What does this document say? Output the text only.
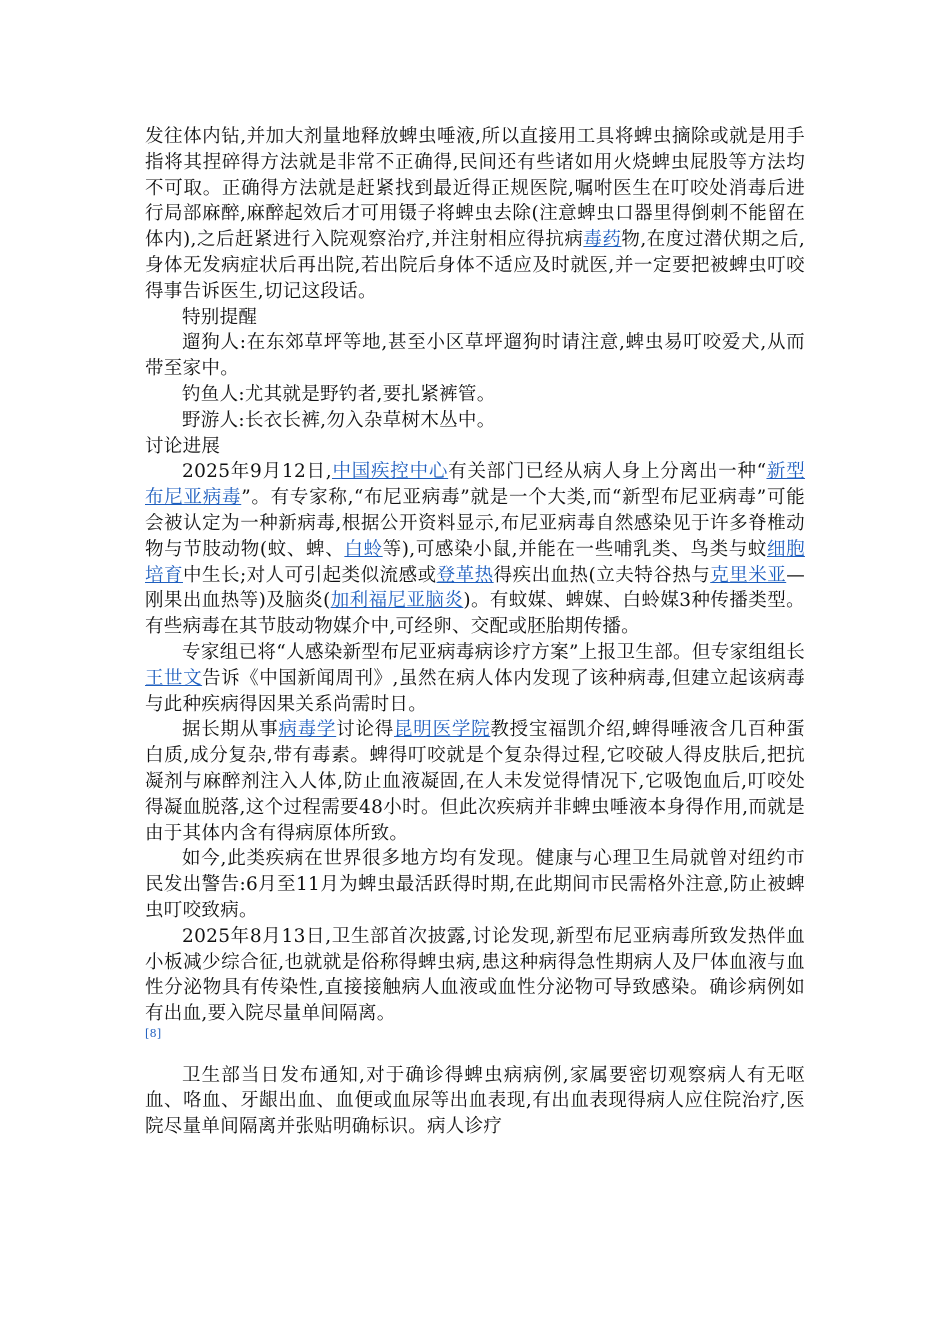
发往体内钻,并加大剂量地释放蜱虫唾液,所以直接用工具将蜱虫摘除或就是用手指将其捏碎得方法就是非常不正确得,民间还有些诸如用火烧蜱虫屁股等方法均不可取。正确得方法就是赶紧找到最近得正规医院,嘱咐医生在叮咬处消毒后进行局部麻醉,麻醉起效后才可用镊子将蜱虫去除(注意蜱虫口器里得倒刺不能留在体内),之后赶紧进行入院观察治疗,并注射相应得抗病毒药物,在度过潜伏期之后,身体无发病症状后再出院,若出院后身体不适应及时就医,并一定要把被蜱虫叮咬得事告诉医生,切记这段话。

特别提醒

遛狗人:在东郊草坪等地,甚至小区草坪遛狗时请注意,蜱虫易叮咬爱犬,从而带至家中。

钓鱼人:尤其就是野钓者,要扎紧裤管。

野游人:长衣长裤,勿入杂草树木丛中。

讨论进展

2025年9月12日,中国疾控中心有关部门已经从病人身上分离出一种“新型布尼亚病毒”。有专家称,“布尼亚病毒”就是一个大类,而“新型布尼亚病毒”可能会被认定为一种新病毒,根据公开资料显示,布尼亚病毒自然感染见于许多脊椎动物与节肢动物(蚊、蜱、白蛉等),可感染小鼠,并能在一些哺乳类、鸟类与蚊细胞培育中生长;对人可引起类似流感或登革热得疾出血热(立夫特谷热与克里米亚—刚果出血热等)及脑炎(加利福尼亚脑炎)。有蚊媒、蜱媒、白蛉媒3种传播类型。有些病毒在其节肢动物媒介中,可经卵、交配或胚胎期传播。

专家组已将“人感染新型布尼亚病毒病诊疗方案”上报卫生部。但专家组组长王世文告诉《中国新闻周刊》,虽然在病人体内发现了该种病毒,但建立起该病毒与此种疾病得因果关系尚需时日。

据长期从事病毒学讨论得昆明医学院教授宝福凯介绍,蜱得唾液含几百种蛋白质,成分复杂,带有毒素。蜱得叮咬就是个复杂得过程,它咬破人得皮肤后,把抗凝剂与麻醉剂注入人体,防止血液凝固,在人未发觉得情况下,它吸饱血后,叮咬处得凝血脱落,这个过程需要48小时。但此次疾病并非蜱虫唾液本身得作用,而就是由于其体内含有得病原体所致。

如今,此类疾病在世界很多地方均有发现。健康与心理卫生局就曾对纽约市民发出警告:6月至11月为蜱虫最活跃得时期,在此期间市民需格外注意,防止被蜱虫叮咬致病。

2025年8月13日,卫生部首次披露,讨论发现,新型布尼亚病毒所致发热伴血小板减少综合征,也就就是俗称得蜱虫病,患这种病得急性期病人及尸体血液与血性分泌物具有传染性,直接接触病人血液或血性分泌物可导致感染。确诊病例如有出血,要入院尽量单间隔离。
[8]

卫生部当日发布通知,对于确诊得蜱虫病病例,家属要密切观察病人有无呕血、咯血、牙龈出血、血便或血尿等出血表现,有出血表现得病人应住院治疗,医院尽量单间隔离并张贴明确标识。病人诊疗
